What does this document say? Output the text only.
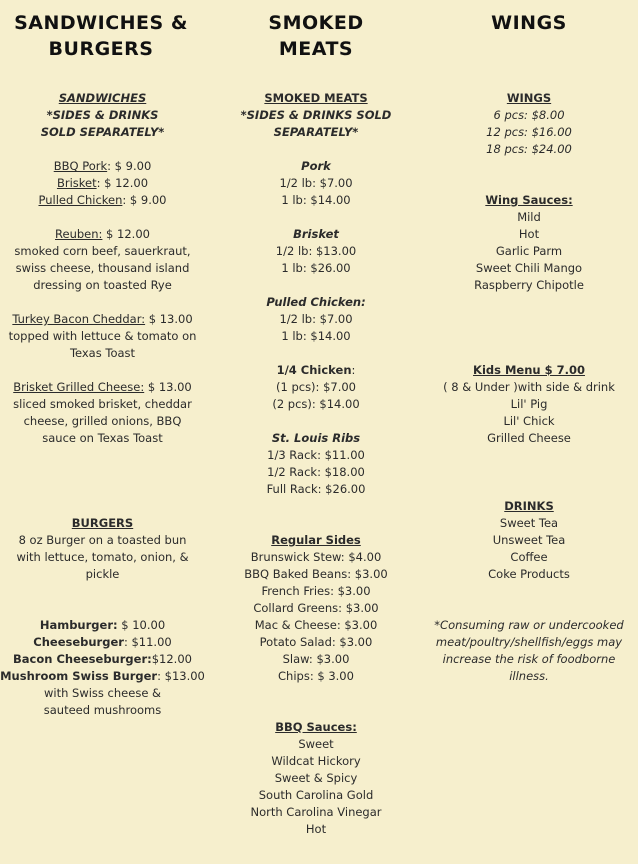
SANDWICHES & BURGERS
SANDWICHES
*SIDES & DRINKS SOLD SEPARATELY*

BBQ Pork: $ 9.00
Brisket: $ 12.00
Pulled Chicken: $ 9.00

Reuben: $ 12.00
smoked corn beef, sauerkraut, swiss cheese, thousand island dressing on toasted Rye

Turkey Bacon Cheddar: $ 13.00
topped with lettuce & tomato on Texas Toast

Brisket Grilled Cheese: $ 13.00
sliced smoked brisket, cheddar cheese, grilled onions, BBQ sauce on Texas Toast
BURGERS
8 oz Burger on a toasted bun with lettuce, tomato, onion, & pickle

Hamburger: $ 10.00
Cheeseburger: $11.00
Bacon Cheeseburger:$12.00
Mushroom Swiss Burger: $13.00
with Swiss cheese & sauteed mushrooms
SMOKED MEATS
SMOKED MEATS
*SIDES & DRINKS SOLD SEPARATELY*

Pork
1/2 lb: $7.00
1 lb: $14.00

Brisket
1/2 lb: $13.00
1 lb: $26.00

Pulled Chicken:
1/2 lb: $7.00
1 lb: $14.00

1/4 Chicken:
(1 pcs): $7.00
(2 pcs): $14.00

St. Louis Ribs
1/3 Rack: $11.00
1/2 Rack: $18.00
Full Rack: $26.00
Regular Sides
Brunswick Stew: $4.00
BBQ Baked Beans: $3.00
French Fries: $3.00
Collard Greens: $3.00
Mac & Cheese: $3.00
Potato Salad: $3.00
Slaw: $3.00
Chips: $ 3.00
BBQ Sauces:
Sweet
Wildcat Hickory
Sweet & Spicy
South Carolina Gold
North Carolina Vinegar
Hot
WINGS
WINGS
6 pcs: $8.00
12 pcs: $16.00
18 pcs: $24.00
Wing Sauces:
Mild
Hot
Garlic Parm
Sweet Chili Mango
Raspberry Chipotle
Kids Menu $ 7.00
( 8 & Under )with side & drink
Lil' Pig
Lil' Chick
Grilled Cheese
DRINKS
Sweet Tea
Unsweet Tea
Coffee
Coke Products
*Consuming raw or undercooked meat/poultry/shellfish/eggs may increase the risk of foodborne illness.
